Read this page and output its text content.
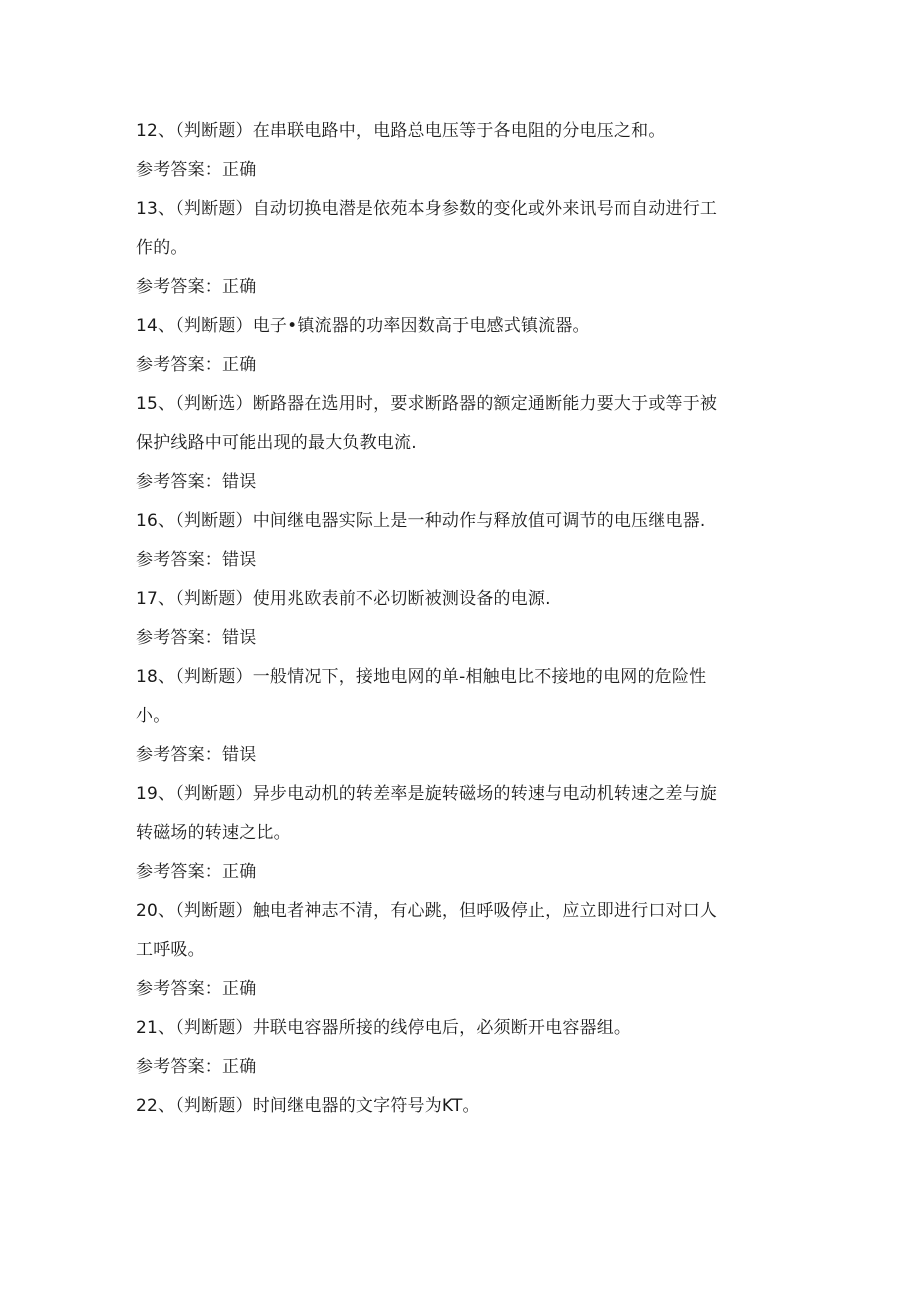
12、（判断题）在串联电路中，电路总电压等于各电阻的分电压之和。
参考答案：正确
13、（判断题）自动切换电潜是依苑本身参数的变化或外来讯号而自动进行工
作的。
参考答案：正确
14、（判断题）电子•镇流器的功率因数高于电感式镇流器。
参考答案：正确
15、（判断选）断路器在选用时，要求断路器的额定通断能力要大于或等于被
保护线路中可能出现的最大负教电流.
参考答案：错误
16、（判断题）中间继电器实际上是一种动作与释放值可调节的电压继电器.
参考答案：错误
17、（判断题）使用兆欧表前不必切断被测设备的电源.
参考答案：错误
18、（判断题）一般情况下，接地电网的单-相触电比不接地的电网的危险性
小。
参考答案：错误
19、（判断题）异步电动机的转差率是旋转磁场的转速与电动机转速之差与旋
转磁场的转速之比。
参考答案：正确
20、（判断题）触电者神志不清，有心跳，但呼吸停止，应立即进行口对口人
工呼吸。
参考答案：正确
21、（判断题）井联电容器所接的线停电后，必须断开电容器组。
参考答案：正确
22、（判断题）时间继电器的文字符号为KT。
